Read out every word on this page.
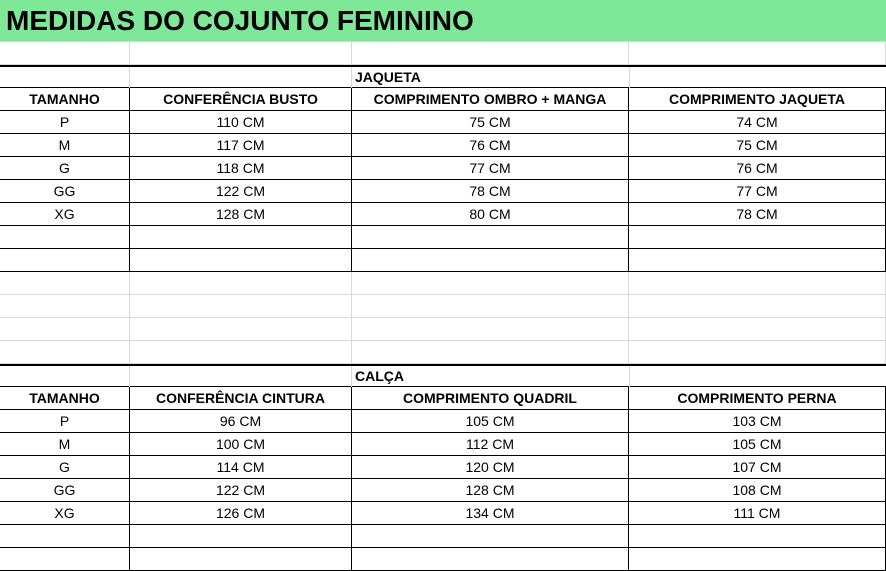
MEDIDAS DO COJUNTO FEMININO
JAQUETA
TAMANHO	CONFERÊNCIA BUSTO	COMPRIMENTO OMBRO + MANGA	COMPRIMENTO JAQUETA
P	110 CM	75 CM	74 CM
M	117 CM	76 CM	75 CM
G	118 CM	77 CM	76 CM
GG	122 CM	78 CM	77 CM
XG	128 CM	80 CM	78 CM
CALÇA
TAMANHO	CONFERÊNCIA CINTURA	COMPRIMENTO QUADRIL	COMPRIMENTO PERNA
P	96 CM	105 CM	103 CM
M	100 CM	112 CM	105 CM
G	114 CM	120 CM	107 CM
GG	122 CM	128 CM	108 CM
XG	126 CM	134 CM	111 CM
